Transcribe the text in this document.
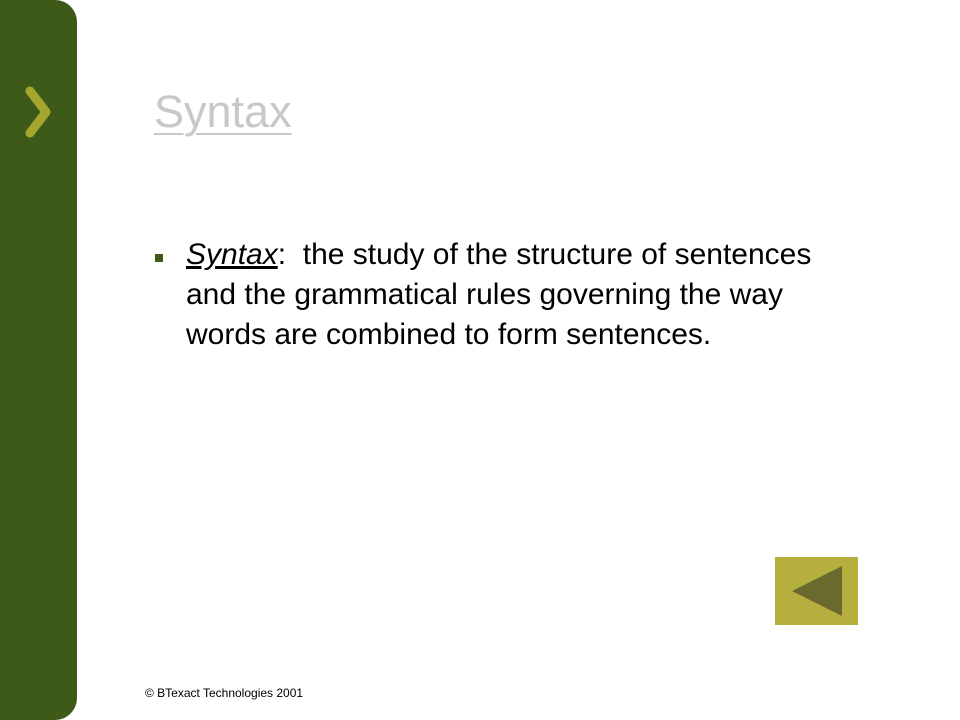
Syntax
Syntax:  the study of the structure of sentences and the grammatical rules governing the way words are combined to form sentences.
© BTexact Technologies 2001
